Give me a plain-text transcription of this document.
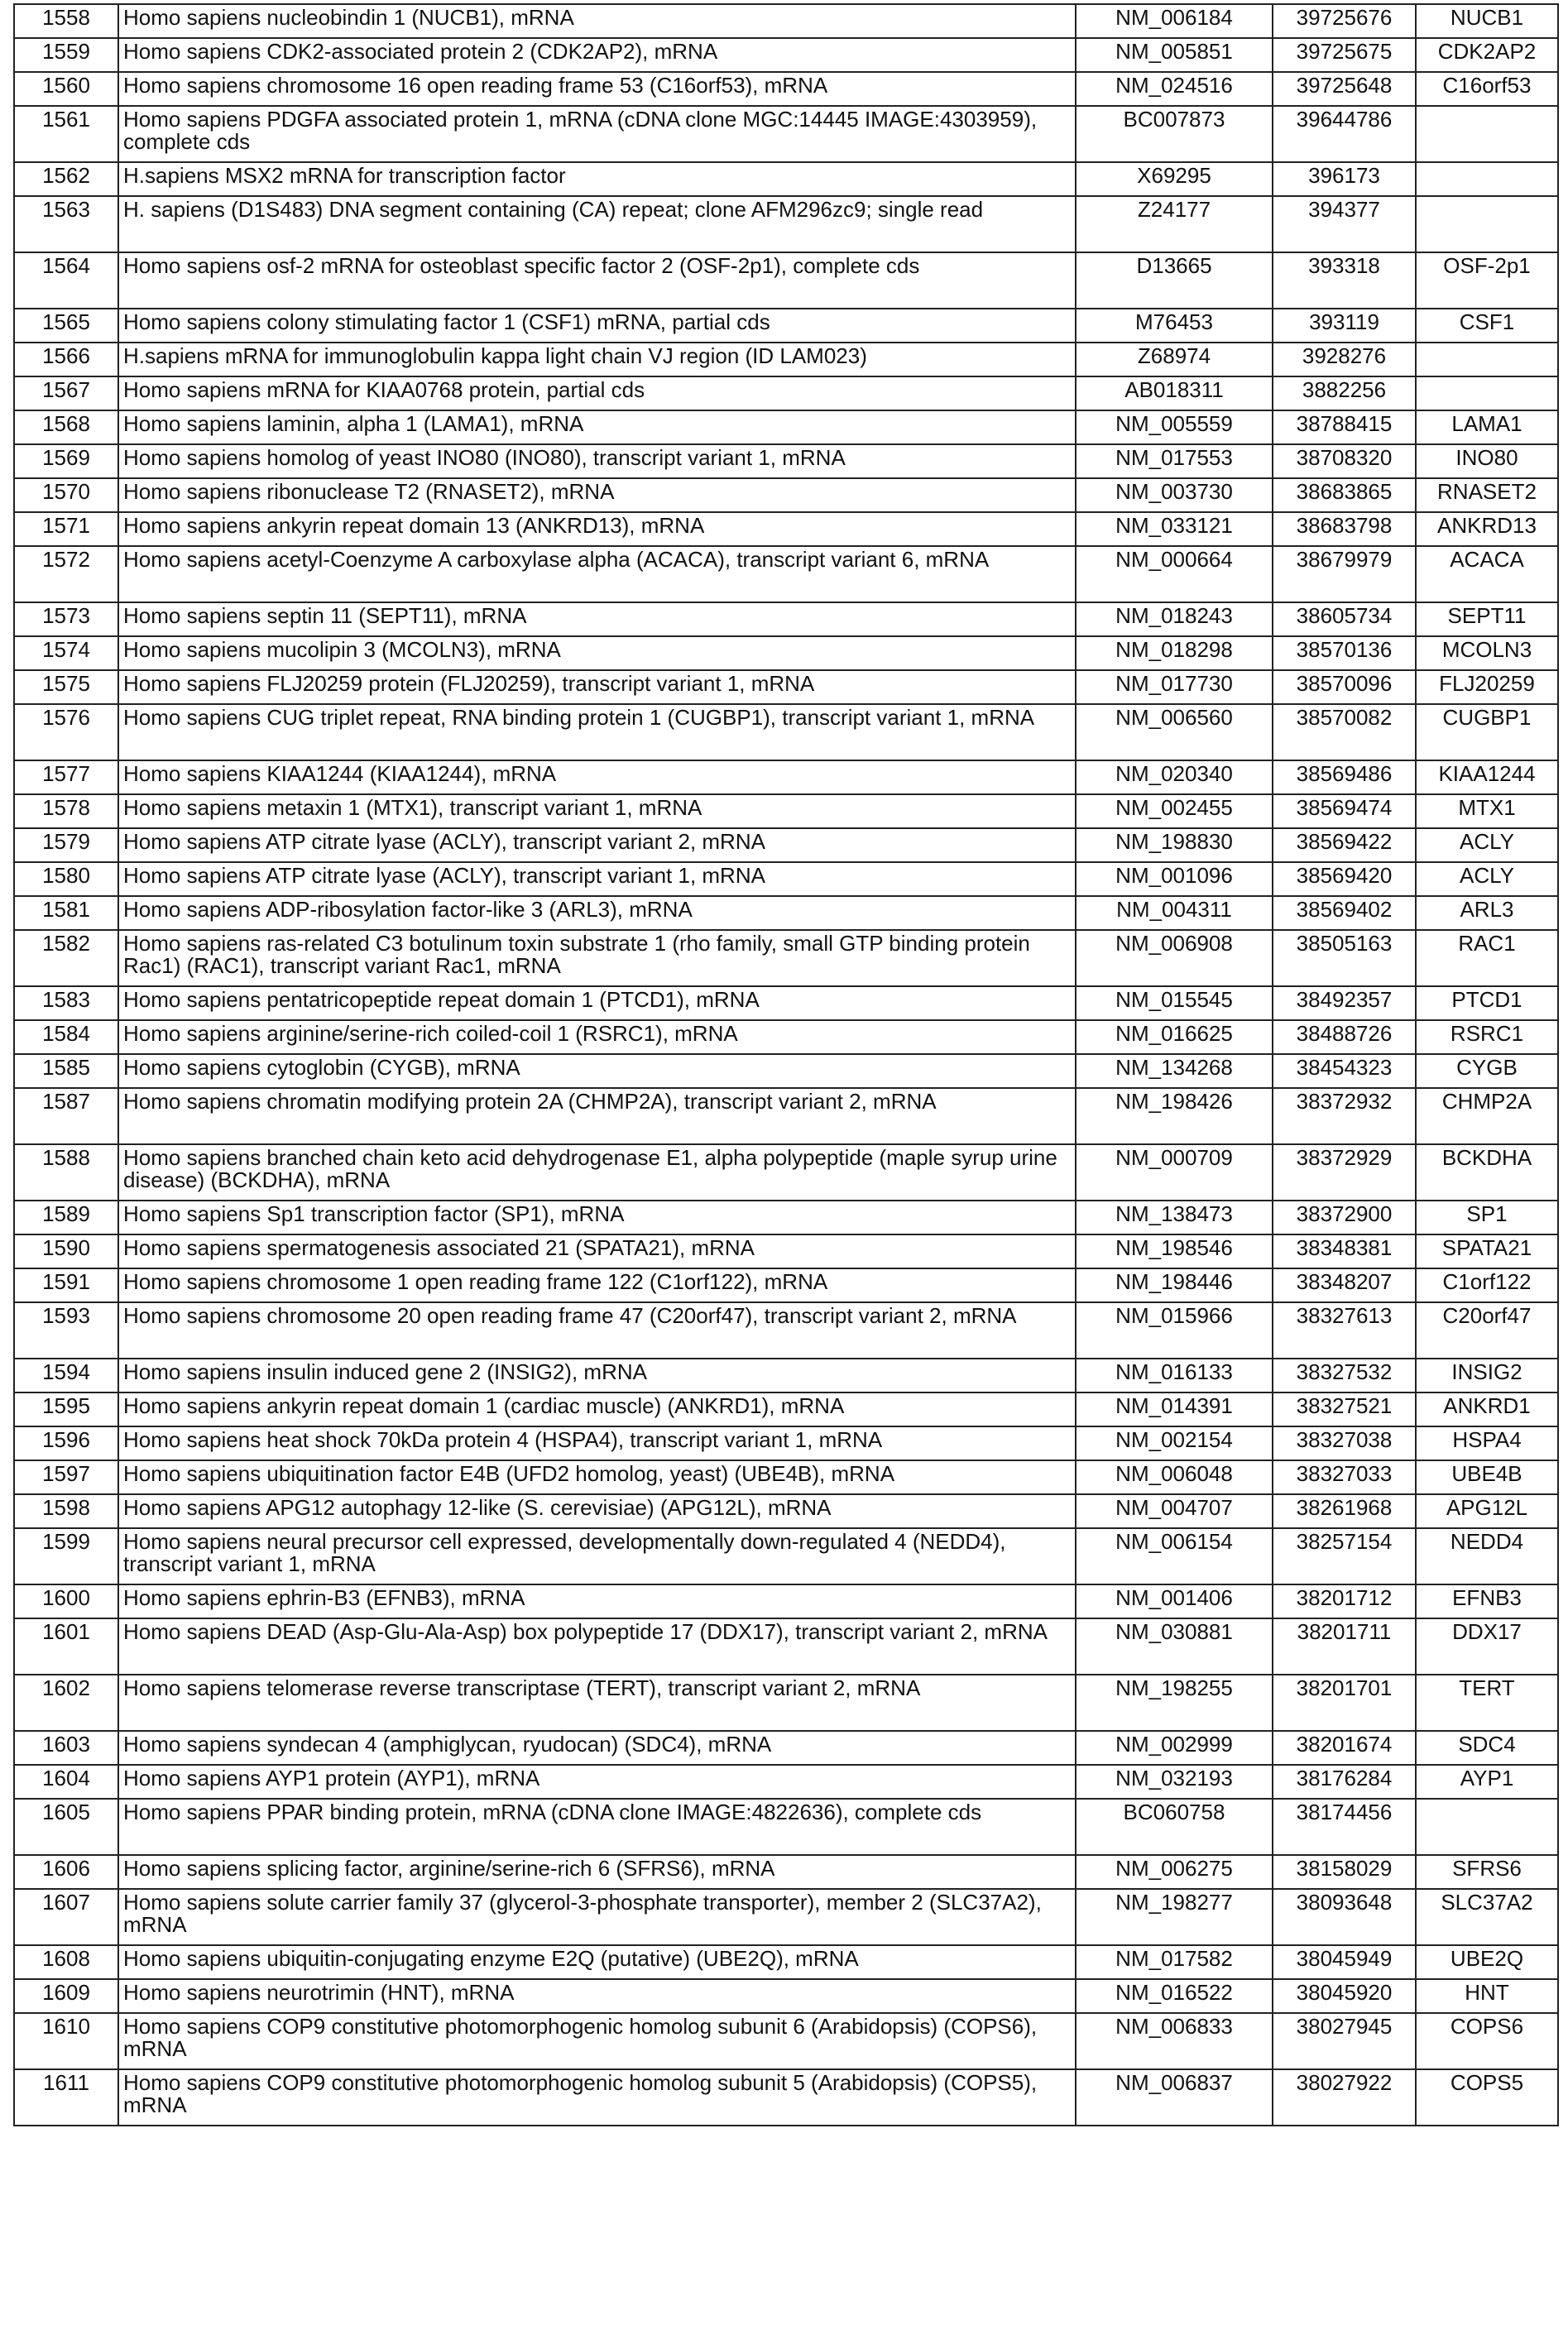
1558	Homo sapiens nucleobindin 1 (NUCB1), mRNA	NM_006184	39725676	NUCB1
1559	Homo sapiens CDK2-associated protein 2 (CDK2AP2), mRNA	NM_005851	39725675	CDK2AP2
1560	Homo sapiens chromosome 16 open reading frame 53 (C16orf53), mRNA	NM_024516	39725648	C16orf53
1561	Homo sapiens PDGFA associated protein 1, mRNA (cDNA clone MGC:14445 IMAGE:4303959), complete cds	BC007873	39644786	
1562	H.sapiens MSX2 mRNA for transcription factor	X69295	396173	
1563	H. sapiens (D1S483) DNA segment containing (CA) repeat; clone AFM296zc9; single read	Z24177	394377	
1564	Homo sapiens osf-2 mRNA for osteoblast specific factor 2 (OSF-2p1), complete cds	D13665	393318	OSF-2p1
1565	Homo sapiens colony stimulating factor 1 (CSF1) mRNA, partial cds	M76453	393119	CSF1
1566	H.sapiens mRNA for immunoglobulin kappa light chain VJ region (ID LAM023)	Z68974	3928276	
1567	Homo sapiens mRNA for KIAA0768 protein, partial cds	AB018311	3882256	
1568	Homo sapiens laminin, alpha 1 (LAMA1), mRNA	NM_005559	38788415	LAMA1
1569	Homo sapiens homolog of yeast INO80 (INO80), transcript variant 1, mRNA	NM_017553	38708320	INO80
1570	Homo sapiens ribonuclease T2 (RNASET2), mRNA	NM_003730	38683865	RNASET2
1571	Homo sapiens ankyrin repeat domain 13 (ANKRD13), mRNA	NM_033121	38683798	ANKRD13
1572	Homo sapiens acetyl-Coenzyme A carboxylase alpha (ACACA), transcript variant 6, mRNA	NM_000664	38679979	ACACA
1573	Homo sapiens septin 11 (SEPT11), mRNA	NM_018243	38605734	SEPT11
1574	Homo sapiens mucolipin 3 (MCOLN3), mRNA	NM_018298	38570136	MCOLN3
1575	Homo sapiens FLJ20259 protein (FLJ20259), transcript variant 1, mRNA	NM_017730	38570096	FLJ20259
1576	Homo sapiens CUG triplet repeat, RNA binding protein 1 (CUGBP1), transcript variant 1, mRNA	NM_006560	38570082	CUGBP1
1577	Homo sapiens KIAA1244 (KIAA1244), mRNA	NM_020340	38569486	KIAA1244
1578	Homo sapiens metaxin 1 (MTX1), transcript variant 1, mRNA	NM_002455	38569474	MTX1
1579	Homo sapiens ATP citrate lyase (ACLY), transcript variant 2, mRNA	NM_198830	38569422	ACLY
1580	Homo sapiens ATP citrate lyase (ACLY), transcript variant 1, mRNA	NM_001096	38569420	ACLY
1581	Homo sapiens ADP-ribosylation factor-like 3 (ARL3), mRNA	NM_004311	38569402	ARL3
1582	Homo sapiens ras-related C3 botulinum toxin substrate 1 (rho family, small GTP binding protein Rac1) (RAC1), transcript variant Rac1, mRNA	NM_006908	38505163	RAC1
1583	Homo sapiens pentatricopeptide repeat domain 1 (PTCD1), mRNA	NM_015545	38492357	PTCD1
1584	Homo sapiens arginine/serine-rich coiled-coil 1 (RSRC1), mRNA	NM_016625	38488726	RSRC1
1585	Homo sapiens cytoglobin (CYGB), mRNA	NM_134268	38454323	CYGB
1587	Homo sapiens chromatin modifying protein 2A (CHMP2A), transcript variant 2, mRNA	NM_198426	38372932	CHMP2A
1588	Homo sapiens branched chain keto acid dehydrogenase E1, alpha polypeptide (maple syrup urine disease) (BCKDHA), mRNA	NM_000709	38372929	BCKDHA
1589	Homo sapiens Sp1 transcription factor (SP1), mRNA	NM_138473	38372900	SP1
1590	Homo sapiens spermatogenesis associated 21 (SPATA21), mRNA	NM_198546	38348381	SPATA21
1591	Homo sapiens chromosome 1 open reading frame 122 (C1orf122), mRNA	NM_198446	38348207	C1orf122
1593	Homo sapiens chromosome 20 open reading frame 47 (C20orf47), transcript variant 2, mRNA	NM_015966	38327613	C20orf47
1594	Homo sapiens insulin induced gene 2 (INSIG2), mRNA	NM_016133	38327532	INSIG2
1595	Homo sapiens ankyrin repeat domain 1 (cardiac muscle) (ANKRD1), mRNA	NM_014391	38327521	ANKRD1
1596	Homo sapiens heat shock 70kDa protein 4 (HSPA4), transcript variant 1, mRNA	NM_002154	38327038	HSPA4
1597	Homo sapiens ubiquitination factor E4B (UFD2 homolog, yeast) (UBE4B), mRNA	NM_006048	38327033	UBE4B
1598	Homo sapiens APG12 autophagy 12-like (S. cerevisiae) (APG12L), mRNA	NM_004707	38261968	APG12L
1599	Homo sapiens neural precursor cell expressed, developmentally down-regulated 4 (NEDD4), transcript variant 1, mRNA	NM_006154	38257154	NEDD4
1600	Homo sapiens ephrin-B3 (EFNB3), mRNA	NM_001406	38201712	EFNB3
1601	Homo sapiens DEAD (Asp-Glu-Ala-Asp) box polypeptide 17 (DDX17), transcript variant 2, mRNA	NM_030881	38201711	DDX17
1602	Homo sapiens telomerase reverse transcriptase (TERT), transcript variant 2, mRNA	NM_198255	38201701	TERT
1603	Homo sapiens syndecan 4 (amphiglycan, ryudocan) (SDC4), mRNA	NM_002999	38201674	SDC4
1604	Homo sapiens AYP1 protein (AYP1), mRNA	NM_032193	38176284	AYP1
1605	Homo sapiens PPAR binding protein, mRNA (cDNA clone IMAGE:4822636), complete cds	BC060758	38174456	
1606	Homo sapiens splicing factor, arginine/serine-rich 6 (SFRS6), mRNA	NM_006275	38158029	SFRS6
1607	Homo sapiens solute carrier family 37 (glycerol-3-phosphate transporter), member 2 (SLC37A2), mRNA	NM_198277	38093648	SLC37A2
1608	Homo sapiens ubiquitin-conjugating enzyme E2Q (putative) (UBE2Q), mRNA	NM_017582	38045949	UBE2Q
1609	Homo sapiens neurotrimin (HNT), mRNA	NM_016522	38045920	HNT
1610	Homo sapiens COP9 constitutive photomorphogenic homolog subunit 6 (Arabidopsis) (COPS6), mRNA	NM_006833	38027945	COPS6
1611	Homo sapiens COP9 constitutive photomorphogenic homolog subunit 5 (Arabidopsis) (COPS5), mRNA	NM_006837	38027922	COPS5
